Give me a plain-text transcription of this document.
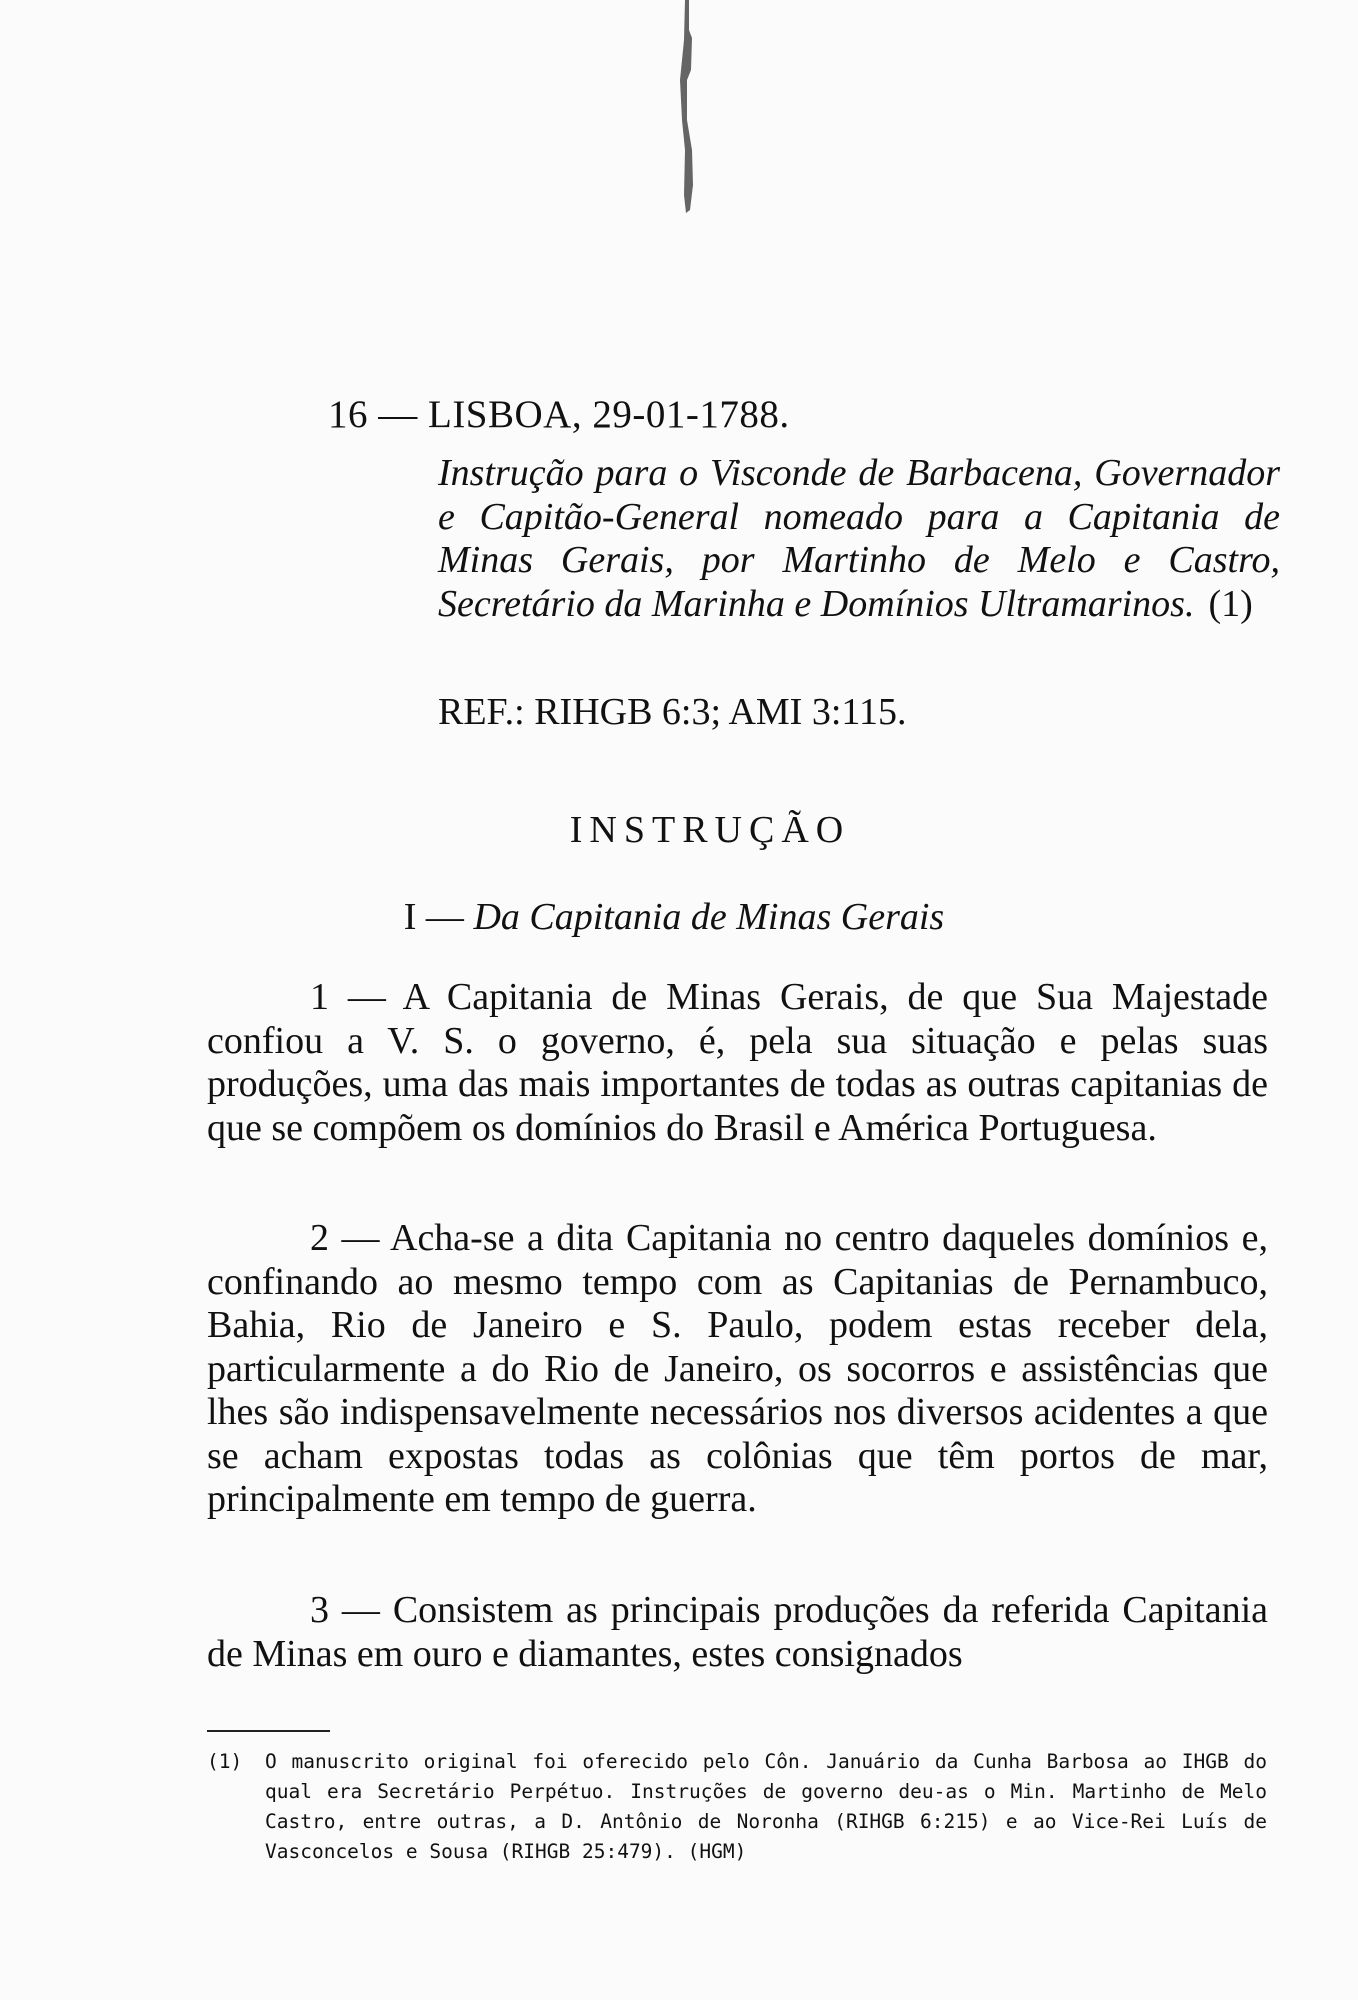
16 — LISBOA, 29-01-1788.

Instrução para o Visconde de Barbacena, Governador e Capitão-General nomeado para a Capitania de Minas Gerais, por Martinho de Melo e Castro, Secretário da Marinha e Domínios Ultramarinos. (1)

REF.: RIHGB 6:3; AMI 3:115.
INSTRUÇÃO
I — Da Capitania de Minas Gerais

1 — A Capitania de Minas Gerais, de que Sua Majestade confiou a V. S. o governo, é, pela sua situação e pelas suas produções, uma das mais importantes de todas as outras capitanias de que se compõem os domínios do Brasil e América Portuguesa.

2 — Acha-se a dita Capitania no centro daqueles domínios e, confinando ao mesmo tempo com as Capitanias de Pernambuco, Bahia, Rio de Janeiro e S. Paulo, podem estas receber dela, particularmente a do Rio de Janeiro, os socorros e assistências que lhes são indispensavelmente necessários nos diversos acidentes a que se acham expostas todas as colônias que têm portos de mar, principalmente em tempo de guerra.

3 — Consistem as principais produções da referida Capitania de Minas em ouro e diamantes, estes consignados

(1) O manuscrito original foi oferecido pelo Côn. Januário da Cunha Barbosa ao IHGB do qual era Secretário Perpétuo. Instruções de governo deu-as o Min. Martinho de Melo Castro, entre outras, a D. Antônio de Noronha (RIHGB 6:215) e ao Vice-Rei Luís de Vasconcelos e Sousa (RIHGB 25:479). (HGM)
